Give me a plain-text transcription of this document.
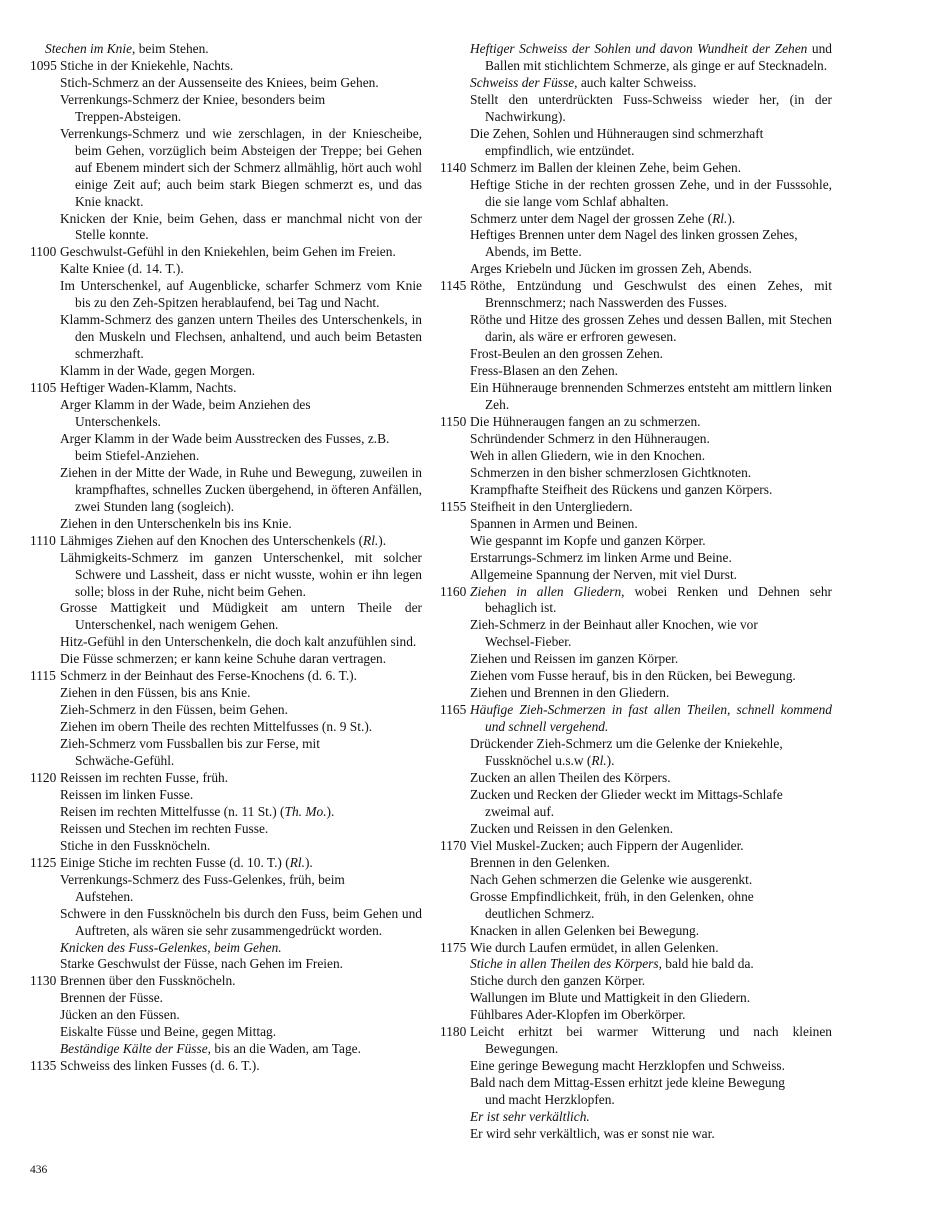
Stechen im Knie, beim Stehen.
1095 Stiche in der Kniekehle, Nachts.
Stich-Schmerz an der Aussenseite des Kniees, beim Gehen.
Verrenkungs-Schmerz der Kniee, besonders beim
Treppen-Absteigen.
Verrenkungs-Schmerz und wie zerschlagen, in der Kniescheibe, beim Gehen, vorzüglich beim Absteigen der Treppe; bei Gehen auf Ebenem mindert sich der Schmerz allmählig, hört auch wohl einige Zeit auf; auch beim stark Biegen schmerzt es, und das Knie knackt.
Knicken der Knie, beim Gehen, dass er manchmal nicht von der Stelle konnte.
1100 Geschwulst-Gefühl in den Kniekehlen, beim Gehen im Freien.
Kalte Kniee (d. 14. T.).
Im Unterschenkel, auf Augenblicke, scharfer Schmerz vom Knie bis zu den Zeh-Spitzen herablaufend, bei Tag und Nacht.
Klamm-Schmerz des ganzen untern Theiles des Unterschenkels, in den Muskeln und Flechsen, anhaltend, und auch beim Betasten schmerzhaft.
Klamm in der Wade, gegen Morgen.
1105 Heftiger Waden-Klamm, Nachts.
Arger Klamm in der Wade, beim Anziehen des
Unterschenkels.
Arger Klamm in der Wade beim Ausstrecken des Fusses, z.B.
beim Stiefel-Anziehen.
Ziehen in der Mitte der Wade, in Ruhe und Bewegung, zuweilen in krampfhaftes, schnelles Zucken übergehend, in öfteren Anfällen, zwei Stunden lang (sogleich).
Ziehen in den Unterschenkeln bis ins Knie.
1110 Lähmiges Ziehen auf den Knochen des Unterschenkels (Rl.).
Lähmigkeits-Schmerz im ganzen Unterschenkel, mit solcher Schwere und Lassheit, dass er nicht wusste, wohin er ihn legen solle; bloss in der Ruhe, nicht beim Gehen.
Grosse Mattigkeit und Müdigkeit am untern Theile der Unterschenkel, nach wenigem Gehen.
Hitz-Gefühl in den Unterschenkeln, die doch kalt anzufühlen sind.
Die Füsse schmerzen; er kann keine Schuhe daran vertragen.
1115 Schmerz in der Beinhaut des Ferse-Knochens (d. 6. T.).
Ziehen in den Füssen, bis ans Knie.
Zieh-Schmerz in den Füssen, beim Gehen.
Ziehen im obern Theile des rechten Mittelfusses (n. 9 St.).
Zieh-Schmerz vom Fussballen bis zur Ferse, mit
Schwäche-Gefühl.
1120 Reissen im rechten Fusse, früh.
Reissen im linken Fusse.
Reisen im rechten Mittelfusse (n. 11 St.) (Th. Mo.).
Reissen und Stechen im rechten Fusse.
Stiche in den Fussknöcheln.
1125 Einige Stiche im rechten Fusse (d. 10. T.) (Rl.).
Verrenkungs-Schmerz des Fuss-Gelenkes, früh, beim
Aufstehen.
Schwere in den Fussknöcheln bis durch den Fuss, beim Gehen und Auftreten, als wären sie sehr zusammengedrückt worden.
Knicken des Fuss-Gelenkes, beim Gehen.
Starke Geschwulst der Füsse, nach Gehen im Freien.
1130 Brennen über den Fussknöcheln.
Brennen der Füsse.
Jücken an den Füssen.
Eiskalte Füsse und Beine, gegen Mittag.
Beständige Kälte der Füsse, bis an die Waden, am Tage.
1135 Schweiss des linken Fusses (d. 6. T.).
Heftiger Schweiss der Sohlen und davon Wundheit der Zehen und Ballen mit stichlichtem Schmerze, als ginge er auf Stecknadeln.
Schweiss der Füsse, auch kalter Schweiss.
Stellt den unterdrückten Fuss-Schweiss wieder her, (in der Nachwirkung).
Die Zehen, Sohlen und Hühneraugen sind schmerzhaft
empfindlich, wie entzündet.
1140 Schmerz im Ballen der kleinen Zehe, beim Gehen.
Heftige Stiche in der rechten grossen Zehe, und in der Fusssohle, die sie lange vom Schlaf abhalten.
Schmerz unter dem Nagel der grossen Zehe (Rl.).
Heftiges Brennen unter dem Nagel des linken grossen Zehes,
Abends, im Bette.
Arges Kriebeln und Jücken im grossen Zeh, Abends.
1145 Röthe, Entzündung und Geschwulst des einen Zehes, mit Brennschmerz; nach Nasswerden des Fusses.
Röthe und Hitze des grossen Zehes und dessen Ballen, mit Stechen darin, als wäre er erfroren gewesen.
Frost-Beulen an den grossen Zehen.
Fress-Blasen an den Zehen.
Ein Hühnerauge brennenden Schmerzes entsteht am mittlern linken Zeh.
1150 Die Hühneraugen fangen an zu schmerzen.
Schründender Schmerz in den Hühneraugen.
Weh in allen Gliedern, wie in den Knochen.
Schmerzen in den bisher schmerzlosen Gichtknoten.
Krampfhafte Steifheit des Rückens und ganzen Körpers.
1155 Steifheit in den Untergliedern.
Spannen in Armen und Beinen.
Wie gespannt im Kopfe und ganzen Körper.
Erstarrungs-Schmerz im linken Arme und Beine.
Allgemeine Spannung der Nerven, mit viel Durst.
1160 Ziehen in allen Gliedern, wobei Renken und Dehnen sehr behaglich ist.
Zieh-Schmerz in der Beinhaut aller Knochen, wie vor
Wechsel-Fieber.
Ziehen und Reissen im ganzen Körper.
Ziehen vom Fusse herauf, bis in den Rücken, bei Bewegung.
Ziehen und Brennen in den Gliedern.
1165 Häufige Zieh-Schmerzen in fast allen Theilen, schnell kommend und schnell vergehend.
Drückender Zieh-Schmerz um die Gelenke der Kniekehle,
Fussknöchel u.s.w (Rl.).
Zucken an allen Theilen des Körpers.
Zucken und Recken der Glieder weckt im Mittags-Schlafe
zweimal auf.
Zucken und Reissen in den Gelenken.
1170 Viel Muskel-Zucken; auch Fippern der Augenlider.
Brennen in den Gelenken.
Nach Gehen schmerzen die Gelenke wie ausgerenkt.
Grosse Empfindlichkeit, früh, in den Gelenken, ohne
deutlichen Schmerz.
Knacken in allen Gelenken bei Bewegung.
1175 Wie durch Laufen ermüdet, in allen Gelenken.
Stiche in allen Theilen des Körpers, bald hie bald da.
Stiche durch den ganzen Körper.
Wallungen im Blute und Mattigkeit in den Gliedern.
Fühlbares Ader-Klopfen im Oberkörper.
1180 Leicht erhitzt bei warmer Witterung und nach kleinen Bewegungen.
Eine geringe Bewegung macht Herzklopfen und Schweiss.
Bald nach dem Mittag-Essen erhitzt jede kleine Bewegung
und macht Herzklopfen.
Er ist sehr verkältlich.
Er wird sehr verkältlich, was er sonst nie war.
436
